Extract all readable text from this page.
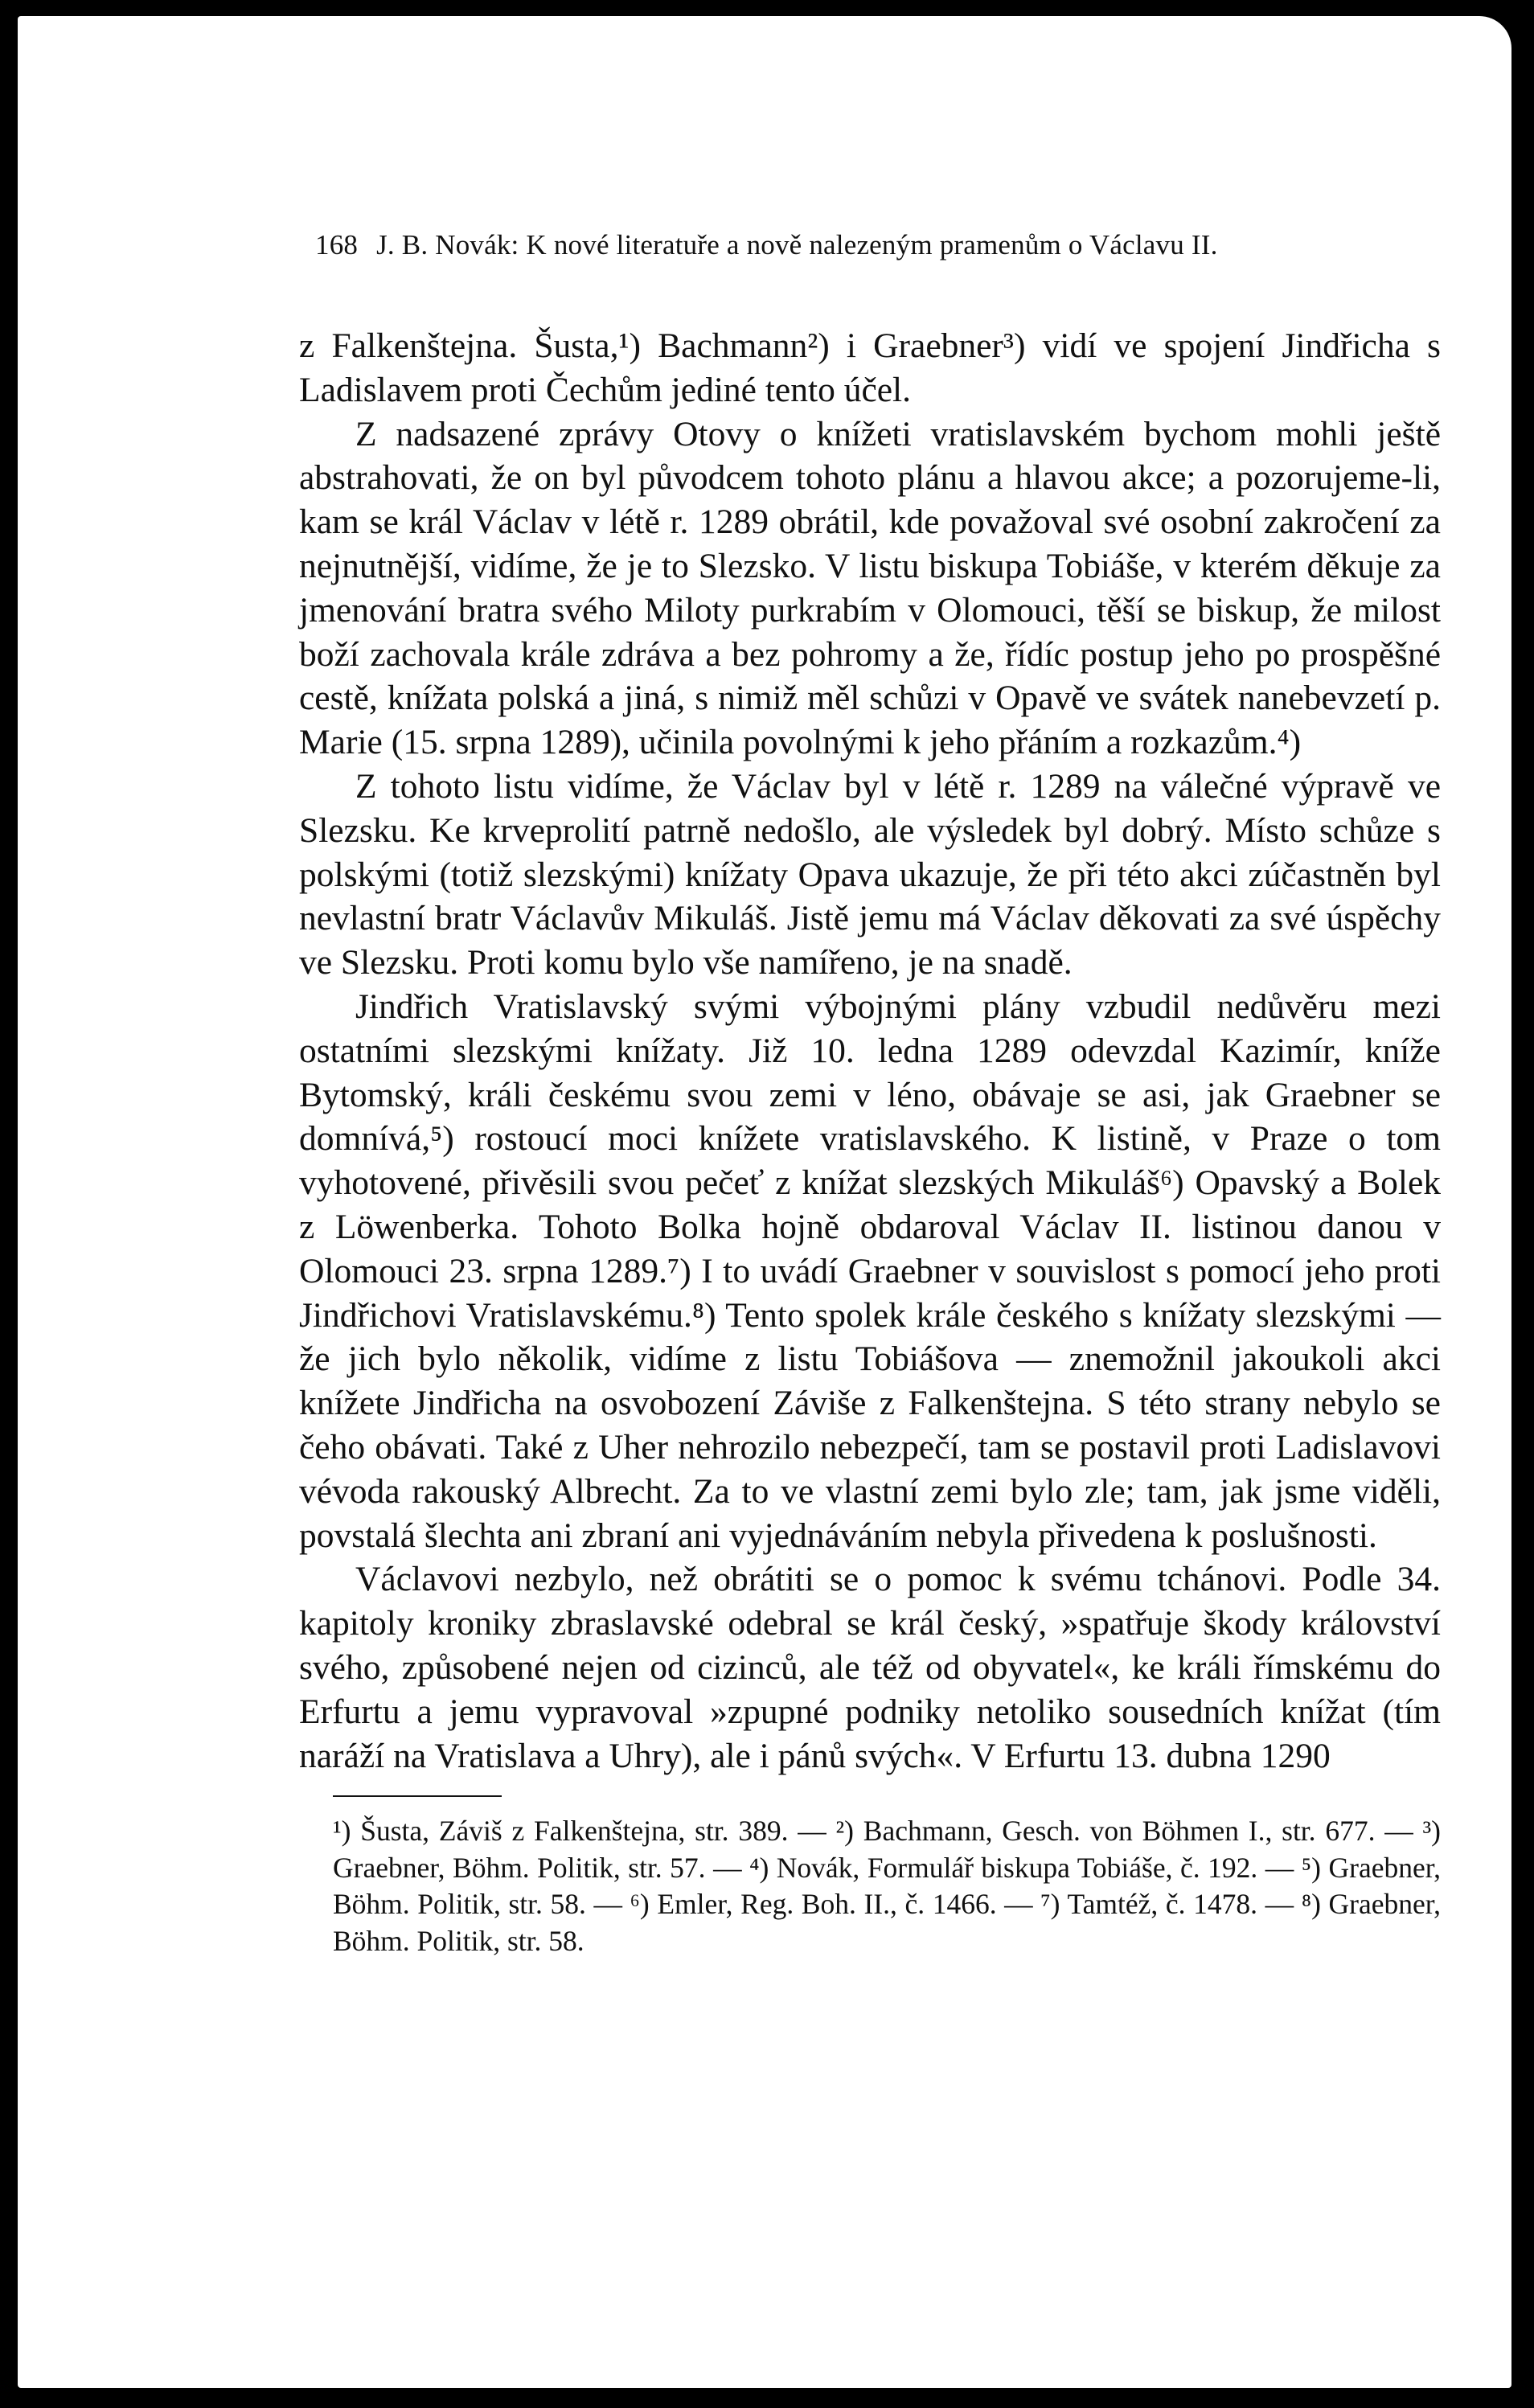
168 J. B. Novák: K nové literatuře a nově nalezeným pramenům o Václavu II.

z Falkenštejna. Šusta,¹) Bachmann²) i Graebner³) vidí ve spojení Jindřicha s Ladislavem proti Čechům jediné tento účel.

Z nadsazené zprávy Otovy o knížeti vratislavském bychom mohli ještě abstrahovati, že on byl původcem tohoto plánu a hlavou akce; a pozorujeme-li, kam se král Václav v létě r. 1289 obrátil, kde považoval své osobní zakročení za nejnutnější, vidíme, že je to Slezsko. V listu biskupa Tobiáše, v kterém děkuje za jmenování bratra svého Miloty purkrabím v Olomouci, těší se biskup, že milost boží zachovala krále zdráva a bez pohromy a že, řídíc postup jeho po prospěšné cestě, knížata polská a jiná, s nimiž měl schůzi v Opavě ve svátek nanebevzetí p. Marie (15. srpna 1289), učinila povolnými k jeho přáním a rozkazům.⁴)

Z tohoto listu vidíme, že Václav byl v létě r. 1289 na válečné výpravě ve Slezsku. Ke krveprolití patrně nedošlo, ale výsledek byl dobrý. Místo schůze s polskými (totiž slezskými) knížaty Opava ukazuje, že při této akci zúčastněn byl nevlastní bratr Václavův Mikuláš. Jistě jemu má Václav děkovati za své úspěchy ve Slezsku. Proti komu bylo vše namířeno, je na snadě.

Jindřich Vratislavský svými výbojnými plány vzbudil nedůvěru mezi ostatními slezskými knížaty. Již 10. ledna 1289 odevzdal Kazimír, kníže Bytomský, králi českému svou zemi v léno, obávaje se asi, jak Graebner se domnívá,⁵) rostoucí moci knížete vratislavského. K listině, v Praze o tom vyhotovené, přivěsili svou pečeť z knížat slezských Mikuláš⁶) Opavský a Bolek z Löwenberka. Tohoto Bolka hojně obdaroval Václav II. listinou danou v Olomouci 23. srpna 1289.⁷) I to uvádí Graebner v souvislost s pomocí jeho proti Jindřichovi Vratislavskému.⁸) Tento spolek krále českého s knížaty slezskými — že jich bylo několik, vidíme z listu Tobiášova — znemožnil jakoukoli akci knížete Jindřicha na osvobození Záviše z Falkenštejna. S této strany nebylo se čeho obávati. Také z Uher nehrozilo nebezpečí, tam se postavil proti Ladislavovi vévoda rakouský Albrecht. Za to ve vlastní zemi bylo zle; tam, jak jsme viděli, povstalá šlechta ani zbraní ani vyjednáváním nebyla přivedena k poslušnosti.

Václavovi nezbylo, než obrátiti se o pomoc k svému tchánovi. Podle 34. kapitoly kroniky zbraslavské odebral se král český, »spatřuje škody království svého, způsobené nejen od cizinců, ale též od obyvatel«, ke králi římskému do Erfurtu a jemu vypravoval »zpupné podniky netoliko sousedních knížat (tím naráží na Vratislava a Uhry), ale i pánů svých«. V Erfurtu 13. dubna 1290

¹) Šusta, Záviš z Falkenštejna, str. 389. — ²) Bachmann, Gesch. von Böhmen I., str. 677. — ³) Graebner, Böhm. Politik, str. 57. — ⁴) Novák, Formulář biskupa Tobiáše, č. 192. — ⁵) Graebner, Böhm. Politik, str. 58. — ⁶) Emler, Reg. Boh. II., č. 1466. — ⁷) Tamtéž, č. 1478. — ⁸) Graebner, Böhm. Politik, str. 58.
